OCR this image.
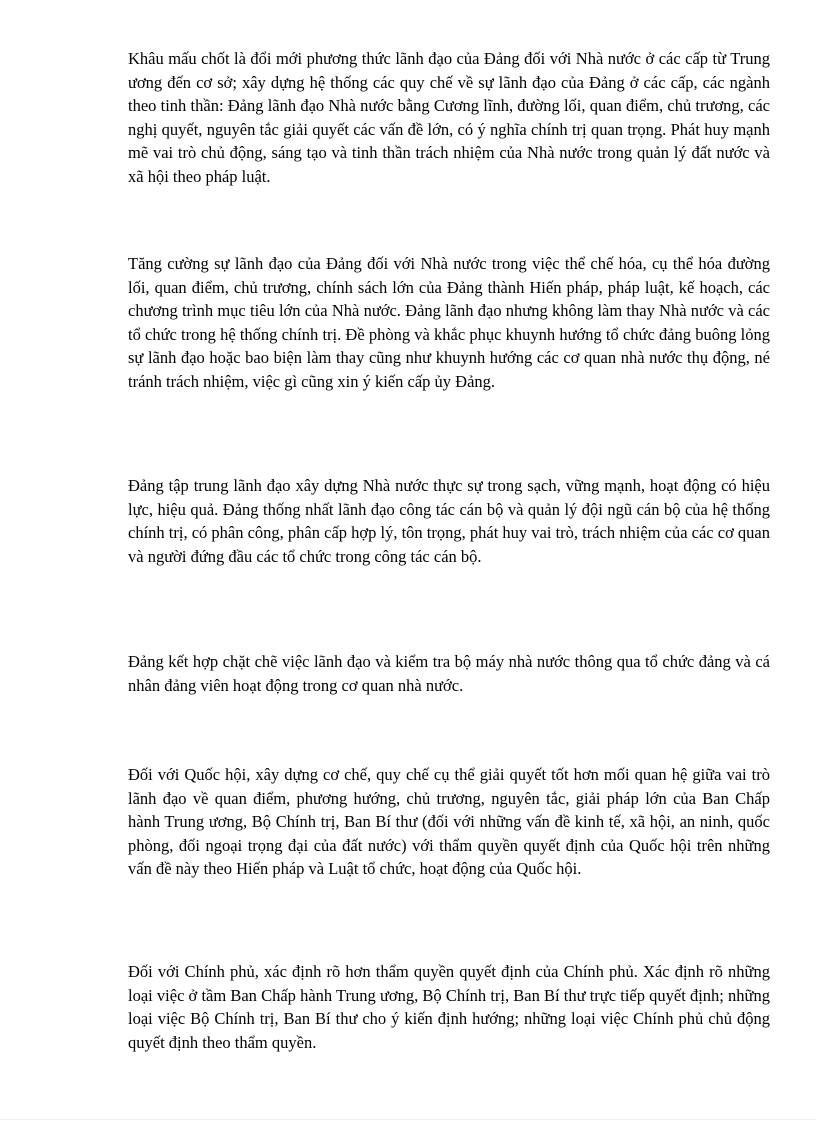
Khâu mấu chốt là đổi mới phương thức lãnh đạo của Đảng đối với Nhà nước ở các cấp từ Trung ương đến cơ sở; xây dựng hệ thống các quy chế về sự lãnh đạo của Đảng ở các cấp, các ngành theo tinh thần: Đảng lãnh đạo Nhà nước bằng Cương lĩnh, đường lối, quan điểm, chủ trương, các nghị quyết, nguyên tắc giải quyết các vấn đề lớn, có ý nghĩa chính trị quan trọng. Phát huy mạnh mẽ vai trò chủ động, sáng tạo và tinh thần trách nhiệm của Nhà nước trong quản lý đất nước và xã hội theo pháp luật.

Tăng cường sự lãnh đạo của Đảng đối với Nhà nước trong việc thể chế hóa, cụ thể hóa đường lối, quan điểm, chủ trương, chính sách lớn của Đảng thành Hiến pháp, pháp luật, kế hoạch, các chương trình mục tiêu lớn của Nhà nước. Đảng lãnh đạo nhưng không làm thay Nhà nước và các tổ chức trong hệ thống chính trị. Đề phòng và khắc phục khuynh hướng tổ chức đảng buông lỏng sự lãnh đạo hoặc bao biện làm thay cũng như khuynh hướng các cơ quan nhà nước thụ động, né tránh trách nhiệm, việc gì cũng xin ý kiến cấp ủy Đảng.

Đảng tập trung lãnh đạo xây dựng Nhà nước thực sự trong sạch, vững mạnh, hoạt động có hiệu lực, hiệu quả. Đảng thống nhất lãnh đạo công tác cán bộ và quản lý đội ngũ cán bộ của hệ thống chính trị, có phân công, phân cấp hợp lý, tôn trọng, phát huy vai trò, trách nhiệm của các cơ quan và người đứng đầu các tổ chức trong công tác cán bộ.

Đảng kết hợp chặt chẽ việc lãnh đạo và kiểm tra bộ máy nhà nước thông qua tổ chức đảng và cá nhân đảng viên hoạt động trong cơ quan nhà nước.

Đối với Quốc hội, xây dựng cơ chế, quy chế cụ thể giải quyết tốt hơn mối quan hệ giữa vai trò lãnh đạo về quan điểm, phương hướng, chủ trương, nguyên tắc, giải pháp lớn của Ban Chấp hành Trung ương, Bộ Chính trị, Ban Bí thư (đối với những vấn đề kinh tế, xã hội, an ninh, quốc phòng, đối ngoại trọng đại của đất nước) với thẩm quyền quyết định của Quốc hội trên những vấn đề này theo Hiến pháp và Luật tổ chức, hoạt động của Quốc hội.

Đối với Chính phủ, xác định rõ hơn thẩm quyền quyết định của Chính phủ. Xác định rõ những loại việc ở tầm Ban Chấp hành Trung ương, Bộ Chính trị, Ban Bí thư trực tiếp quyết định; những loại việc Bộ Chính trị, Ban Bí thư cho ý kiến định hướng; những loại việc Chính phủ chủ động quyết định theo thẩm quyền.
